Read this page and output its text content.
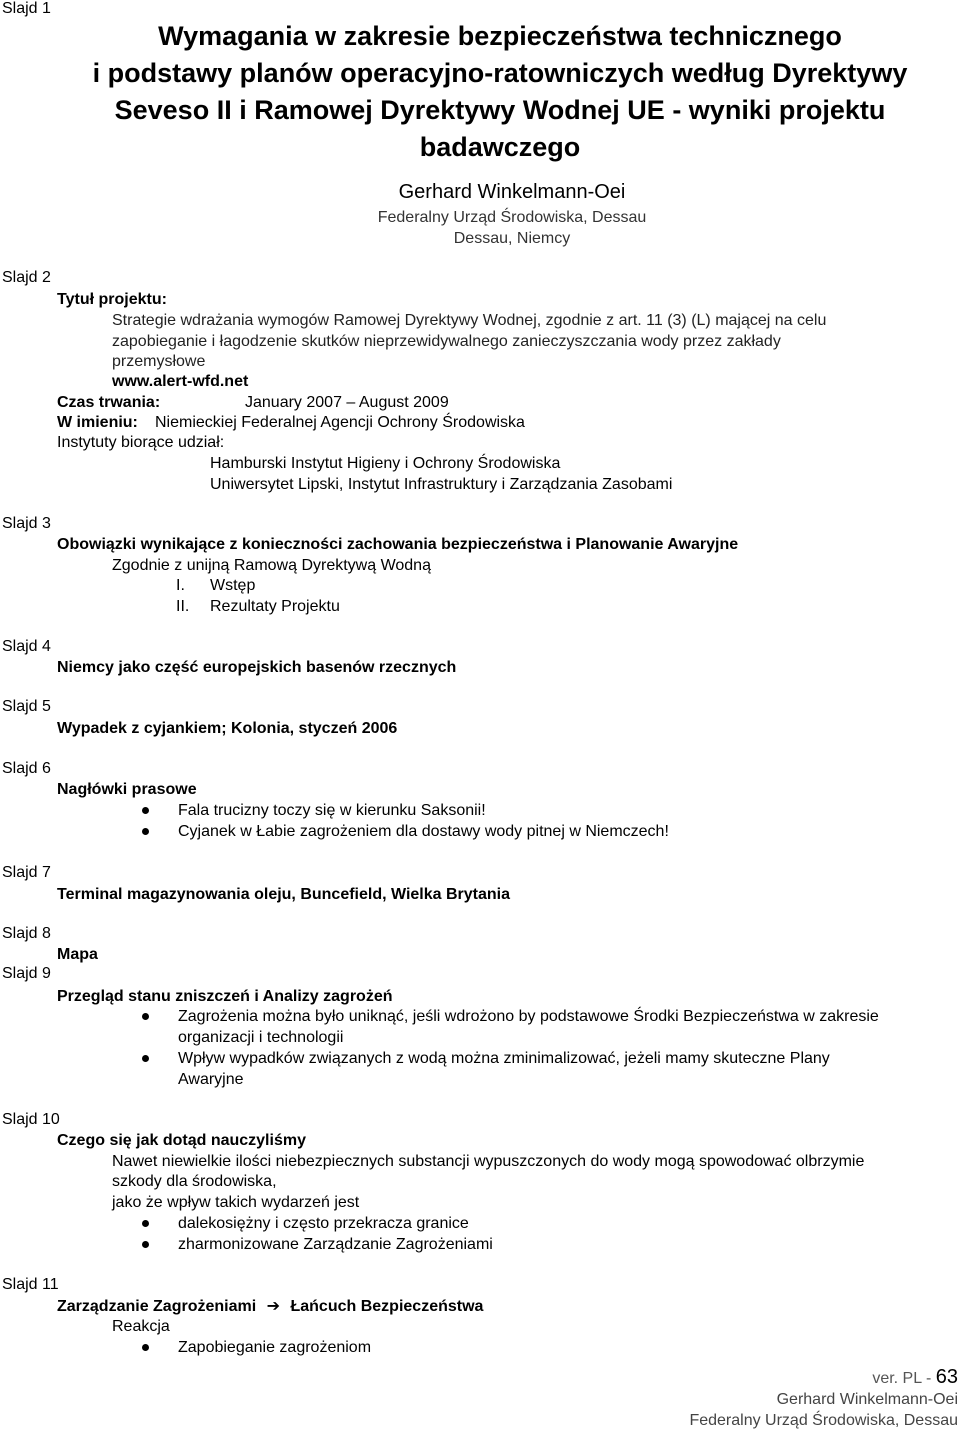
Slajd 1
Wymagania w zakresie bezpieczeństwa technicznego
i podstawy planów operacyjno-ratowniczych według Dyrektywy
Seveso II i Ramowej Dyrektywy Wodnej UE - wyniki projektu
badawczego
Gerhard Winkelmann-Oei
Federalny Urząd Środowiska, Dessau
Dessau, Niemcy
Slajd 2
Tytuł projektu:
Strategie wdrażania wymogów Ramowej Dyrektywy Wodnej, zgodnie z art. 11 (3) (L) mającej na celu
zapobieganie i łagodzenie skutków nieprzewidywalnego zanieczyszczania wody przez zakłady
przemysłowe
www.alert-wfd.net
Czas trwania:	January 2007 – August 2009
W imieniu: Niemieckiej Federalnej Agencji Ochrony Środowiska
Instytuty biorące udział:
Hamburski Instytut Higieny i Ochrony Środowiska
Uniwersytet Lipski, Instytut Infrastruktury i Zarządzania Zasobami
Slajd 3
Obowiązki wynikające z konieczności zachowania bezpieczeństwa i Planowanie Awaryjne
Zgodnie z unijną Ramową Dyrektywą Wodną
I. Wstęp
II. Rezultaty Projektu
Slajd 4
Niemcy jako część europejskich basenów rzecznych
Slajd 5
Wypadek z cyjankiem; Kolonia, styczeń 2006
Slajd 6
Nagłówki prasowe
Fala trucizny toczy się w kierunku Saksonii!
Cyjanek w Łabie zagrożeniem dla dostawy wody pitnej w Niemczech!
Slajd 7
Terminal magazynowania oleju, Buncefield, Wielka Brytania
Slajd 8
Mapa
Slajd 9
Przegląd stanu zniszczeń i Analizy zagrożeń
Zagrożenia można było uniknąć, jeśli wdrożono by podstawowe Środki Bezpieczeństwa w zakresie
organizacji i technologii
Wpływ wypadków związanych z wodą można zminimalizować, jeżeli mamy skuteczne Plany
Awaryjne
Slajd 10
Czego się jak dotąd nauczyliśmy
Nawet niewielkie ilości niebezpiecznych substancji wypuszczonych do wody mogą spowodować olbrzymie
szkody dla środowiska,
jako że wpływ takich wydarzeń jest
dalekosiężny i często przekracza granice
zharmonizowane Zarządzanie Zagrożeniami
Slajd 11
Zarządzanie Zagrożeniami ➔ Łańcuch Bezpieczeństwa
Reakcja
Zapobieganie zagrożeniom
ver. PL - 63
Gerhard Winkelmann-Oei
Federalny Urząd Środowiska, Dessau
